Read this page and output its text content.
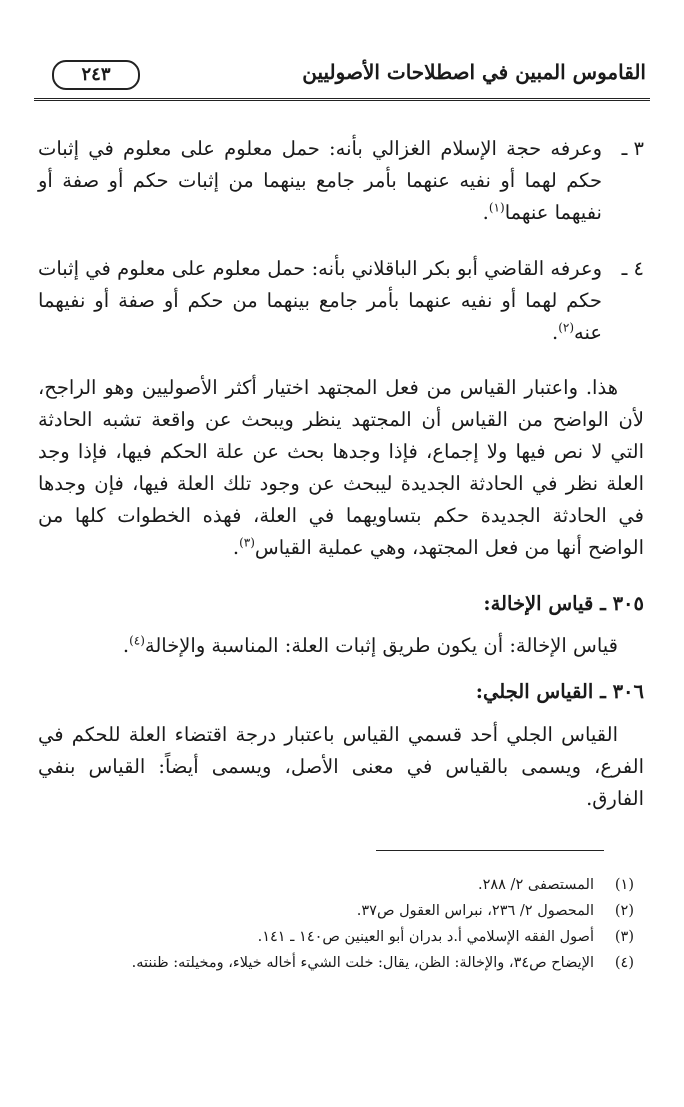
القاموس المبين في اصطلاحات الأصوليين
٢٤٣
٣ ـ
وعرفه حجة الإسلام الغزالي بأنه: حمل معلوم على معلوم في إثبات حكم لهما أو نفيه عنهما بأمر جامع بينهما من إثبات حكم أو صفة أو نفيهما عنهما$^{(١)}$.
٤ ـ
وعرفه القاضي أبو بكر الباقلاني بأنه: حمل معلوم على معلوم في إثبات حكم لهما أو نفيه عنهما بأمر جامع بينهما من حكم أو صفة أو نفيهما عنه$^{(٢)}$.
هذا. واعتبار القياس من فعل المجتهد اختيار أكثر الأصوليين وهو الراجح، لأن الواضح من القياس أن المجتهد ينظر ويبحث عن واقعة تشبه الحادثة التي لا نص فيها ولا إجماع، فإذا وجدها بحث عن علة الحكم فيها، فإذا وجد العلة نظر في الحادثة الجديدة ليبحث عن وجود تلك العلة فيها، فإن وجدها في الحادثة الجديدة حكم بتساويهما في العلة، فهذه الخطوات كلها من الواضح أنها من فعل المجتهد، وهي عملية القياس$^{(٣)}$.
٣٠٥ ـ قياس الإخالة:
قياس الإخالة: أن يكون طريق إثبات العلة: المناسبة والإخالة$^{(٤)}$.
٣٠٦ ـ القياس الجلي:
القياس الجلي أحد قسمي القياس باعتبار درجة اقتضاء العلة للحكم في الفرع، ويسمى بالقياس في معنى الأصل، ويسمى أيضاً: القياس بنفي الفارق.
(١)
المستصفى ٢/ ٢٨٨.
(٢)
المحصول ٢/ ٢٣٦، نبراس العقول ص٣٧.
(٣)
أصول الفقه الإسلامي أ.د بدران أبو العينين ص١٤٠ ـ ١٤١.
(٤)
الإيضاح ص٣٤، والإخالة: الظن، يقال: خلت الشيء أخاله خيلاء، ومخيلته: ظننته.
